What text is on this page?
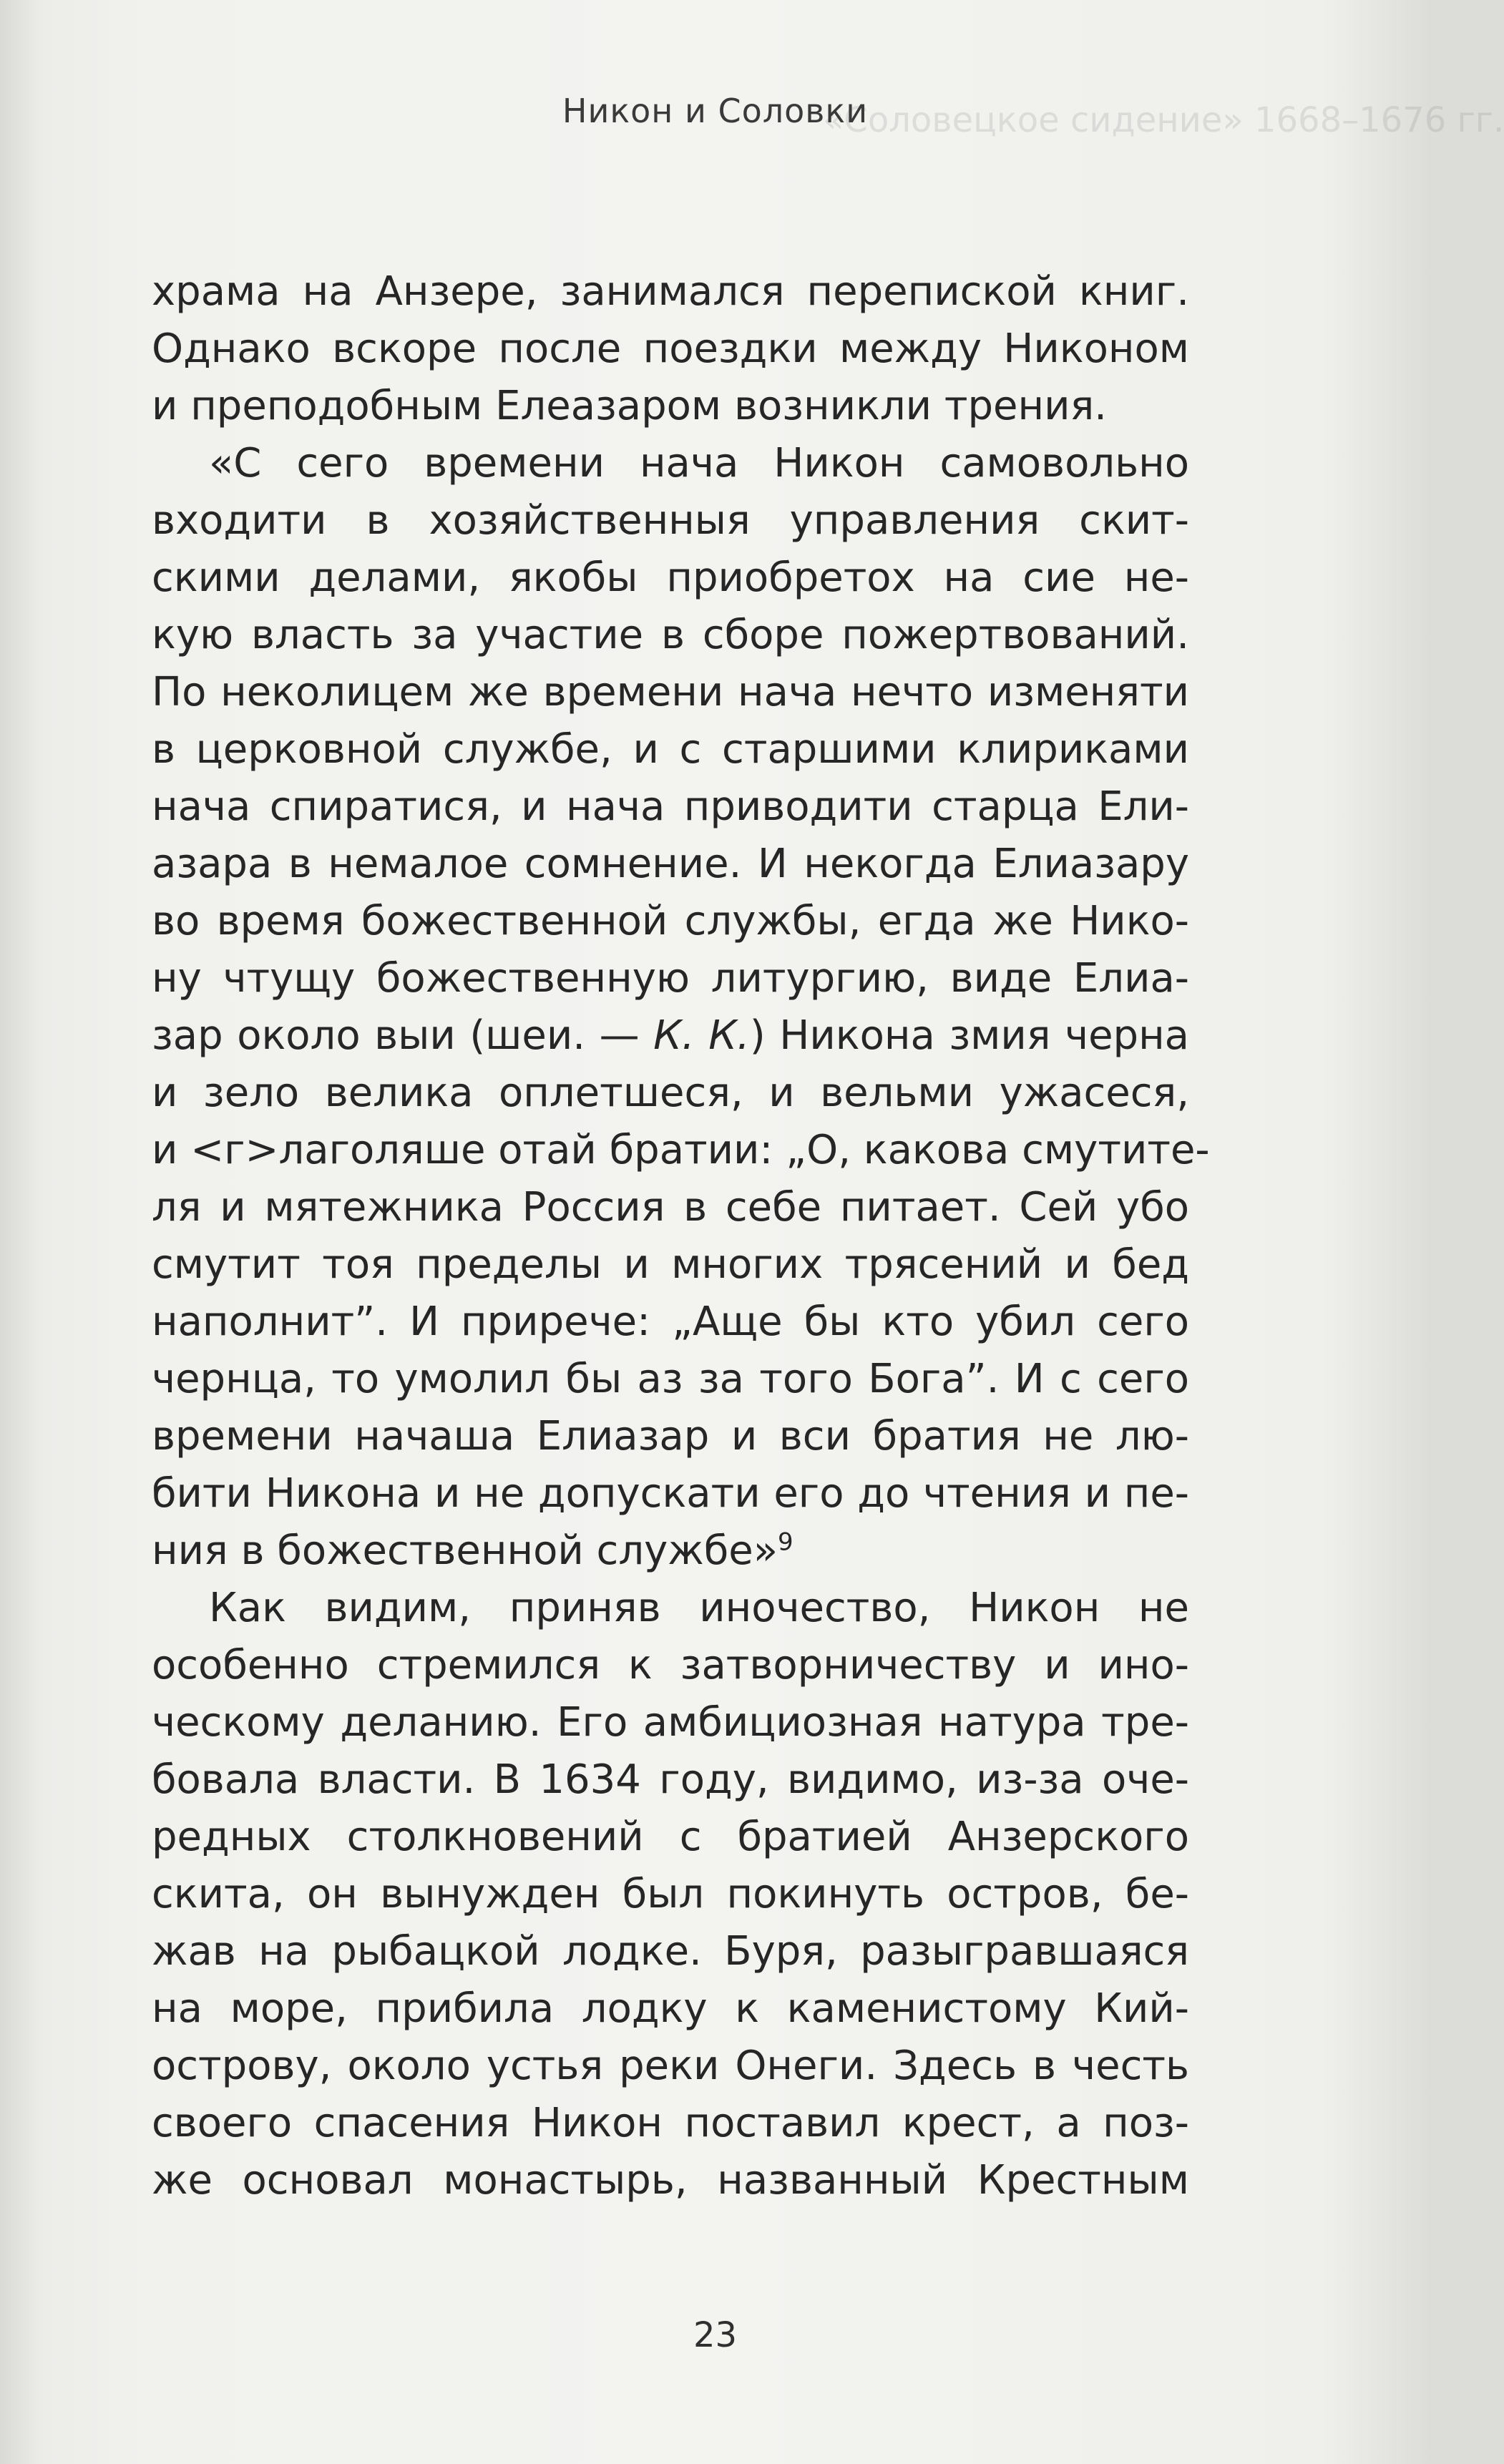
«Соловецкое сидение» 1668–1676 гг.
Никон и Соловки
храма на Анзере, занимался перепиской книг.
Однако вскоре после поездки между Никоном
и преподобным Елеазаром возникли трения.
«С сего времени нача Никон самовольно
входити в хозяйственныя управления скит-
скими делами, якобы приобретох на сие не-
кую власть за участие в сборе пожертвований.
По неколицем же времени нача нечто изменяти
в церковной службе, и с старшими клириками
нача спиратися, и нача приводити старца Ели-
азара в немалое сомнение. И некогда Елиазару
во время божественной службы, егда же Нико-
ну чтущу божественную литургию, виде Елиа-
зар около выи (шеи. — К. К.) Никона змия черна
и зело велика оплетшеся, и вельми ужасеся,
и <г>лаголяше отай братии: „О, какова смутите-
ля и мятежника Россия в себе питает. Сей убо
смутит тоя пределы и многих трясений и бед
наполнит”. И приречe: „Аще бы кто убил сего
чернца, то умолил бы аз за того Бога”. И с сего
времени начаша Елиазар и вси братия не лю-
бити Никона и не допускати его до чтения и пе-
ния в божественной службе»$^9$
Как видим, приняв иночество, Никон не
особенно стремился к затворничеству и ино-
ческому деланию. Его амбициозная натура тре-
бовала власти. В 1634 году, видимо, из-за оче-
редных столкновений с братией Анзерского
скита, он вынужден был покинуть остров, бе-
жав на рыбацкой лодке. Буря, разыгравшаяся
на море, прибила лодку к каменистому Кий-
острову, около устья реки Онеги. Здесь в честь
своего спасения Никон поставил крест, а поз-
же основал монастырь, названный Крестным
23
